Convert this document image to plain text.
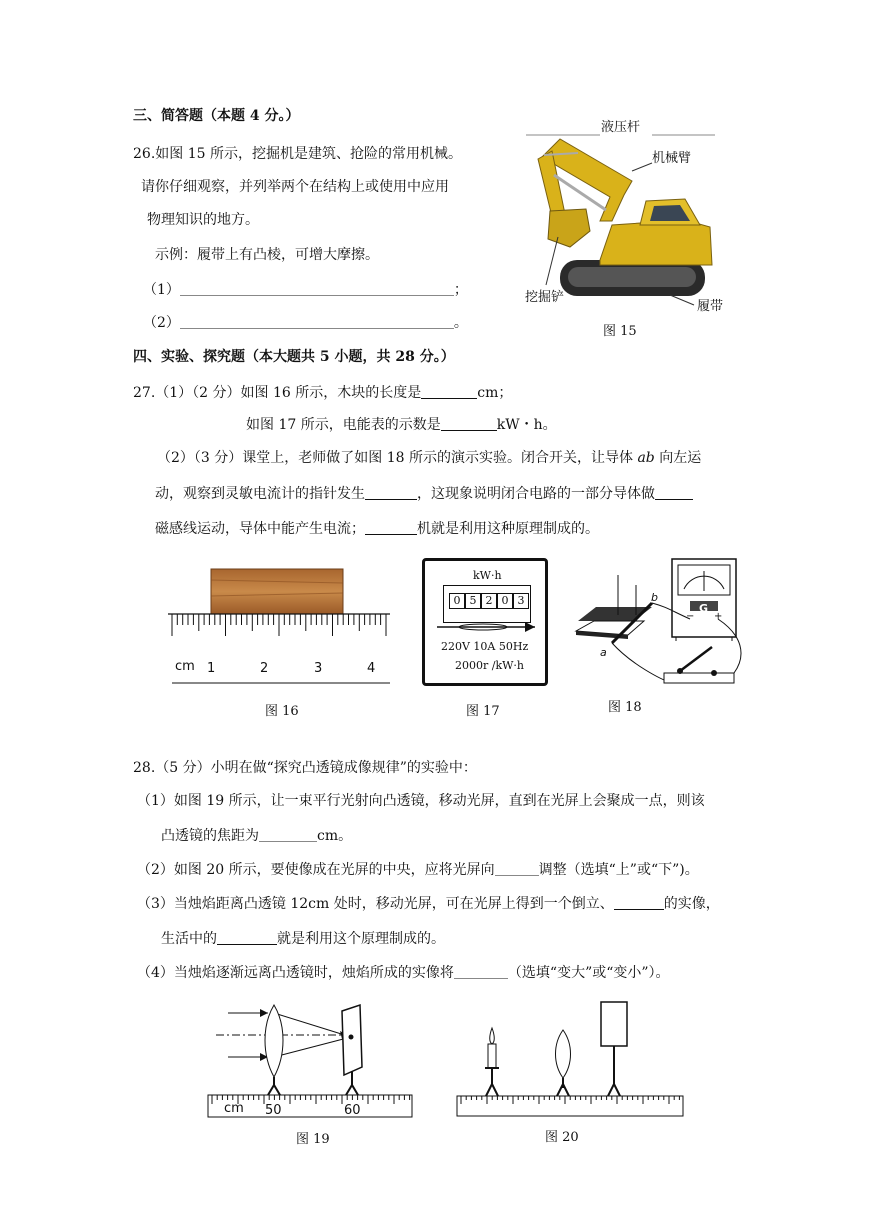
三、简答题（本题 4 分。）
26.如图 15 所示，挖掘机是建筑、抢险的常用机械。
请你仔细观察，并列举两个在结构上或使用中应用
物理知识的地方。
示例：履带上有凸棱，可增大摩擦。
（1）	；
（2）	。
液压杆
机械臂
挖掘铲
履带
图 15
四、实验、探究题（本大题共 5 小题，共 28 分。）
27.（1）（2 分）如图 16 所示，木块的长度是	cm；
如图 17 所示，电能表的示数是	kW・h。
（2）（3 分）课堂上，老师做了如图 18 所示的演示实验。闭合开关，让导体 ab 向左运
动，观察到灵敏电流计的指针发生	，这现象说明闭合电路的一部分导体做
磁感线运动，导体中能产生电流；	机就是利用这种原理制成的。
cm 1	2	3	4
图 16
kW·h
0 5 2 0 3
220V 10A 50Hz
2000r /kW·h
图 17
a
b
G
− +
图 18
28.（5 分）小明在做“探究凸透镜成像规律”的实验中：
（1）如图 19 所示，让一束平行光射向凸透镜，移动光屏，直到在光屏上会聚成一点，则该
凸透镜的焦距为	cm。
（2）如图 20 所示，要使像成在光屏的中央，应将光屏向	调整（选填“上”或“下”)。
（3）当烛焰距离凸透镜 12cm 处时，移动光屏，可在光屏上得到一个倒立、	的实像，
生活中的	就是利用这个原理制成的。
（4）当烛焰逐渐远离凸透镜时，烛焰所成的实像将	（选填“变大”或“变小”）。
cm 50	60
图 19	图 20
